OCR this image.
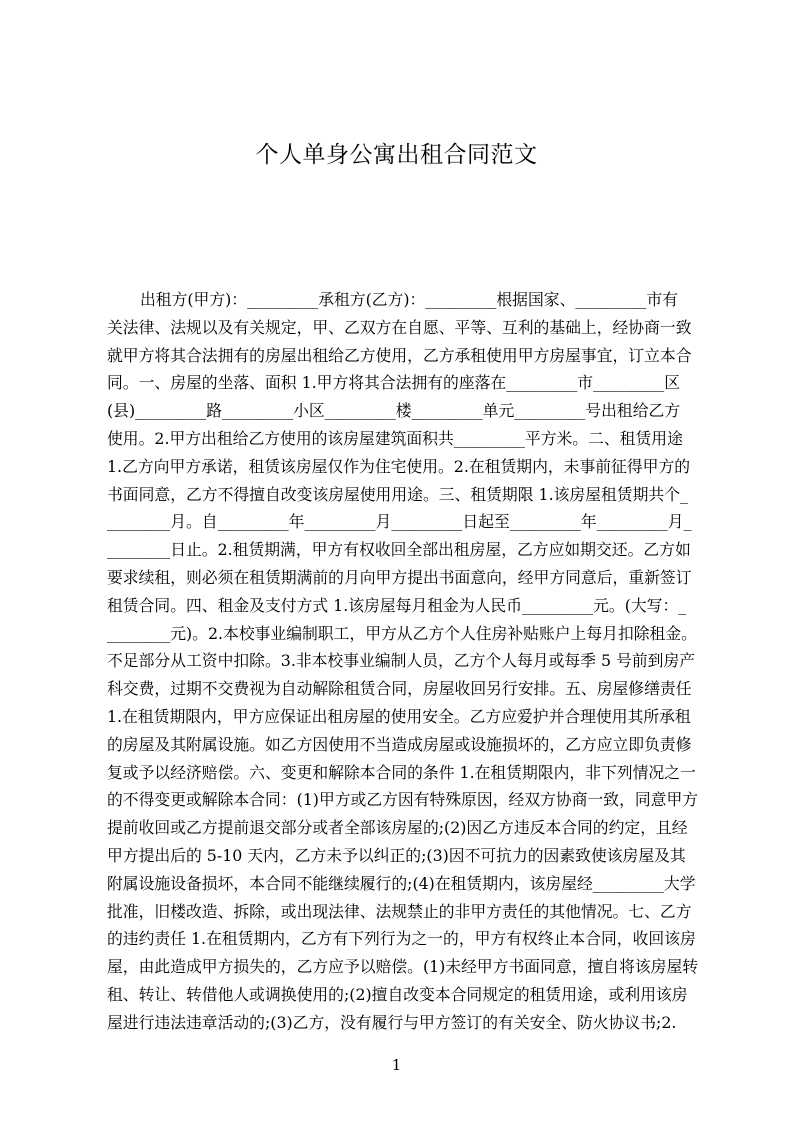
个人单身公寓出租合同范文
出租方(甲方)：_________承租方(乙方)：_________根据国家、_________市有
关法律、法规以及有关规定，甲、乙双方在自愿、平等、互利的基础上，经协商一致
就甲方将其合法拥有的房屋出租给乙方使用，乙方承租使用甲方房屋事宜，订立本合
同。一、房屋的坐落、面积 1.甲方将其合法拥有的座落在_________市_________区
(县)_________路_________小区_________楼_________单元_________号出租给乙方
使用。2.甲方出租给乙方使用的该房屋建筑面积共_________平方米。二、租赁用途
1.乙方向甲方承诺，租赁该房屋仅作为住宅使用。2.在租赁期内，未事前征得甲方的
书面同意，乙方不得擅自改变该房屋使用用途。三、租赁期限 1.该房屋租赁期共个_
________月。自_________年_________月_________日起至_________年_________月_
________日止。2.租赁期满，甲方有权收回全部出租房屋，乙方应如期交还。乙方如
要求续租，则必须在租赁期满前的月向甲方提出书面意向，经甲方同意后，重新签订
租赁合同。四、租金及支付方式 1.该房屋每月租金为人民币_________元。(大写：_
________元)。2.本校事业编制职工，甲方从乙方个人住房补贴账户上每月扣除租金。
不足部分从工资中扣除。3.非本校事业编制人员，乙方个人每月或每季 5 号前到房产
科交费，过期不交费视为自动解除租赁合同，房屋收回另行安排。五、房屋修缮责任
1.在租赁期限内，甲方应保证出租房屋的使用安全。乙方应爱护并合理使用其所承租
的房屋及其附属设施。如乙方因使用不当造成房屋或设施损坏的，乙方应立即负责修
复或予以经济赔偿。六、变更和解除本合同的条件 1.在租赁期限内，非下列情况之一
的不得变更或解除本合同：(1)甲方或乙方因有特殊原因，经双方协商一致，同意甲方
提前收回或乙方提前退交部分或者全部该房屋的;(2)因乙方违反本合同的约定，且经
甲方提出后的 5-10 天内，乙方未予以纠正的;(3)因不可抗力的因素致使该房屋及其
附属设施设备损坏，本合同不能继续履行的;(4)在租赁期内，该房屋经_________大学
批准，旧楼改造、拆除，或出现法律、法规禁止的非甲方责任的其他情况。七、乙方
的违约责任 1.在租赁期内，乙方有下列行为之一的，甲方有权终止本合同，收回该房
屋，由此造成甲方损失的，乙方应予以赔偿。(1)未经甲方书面同意，擅自将该房屋转
租、转让、转借他人或调换使用的;(2)擅自改变本合同规定的租赁用途，或利用该房
屋进行违法违章活动的;(3)乙方，没有履行与甲方签订的有关安全、防火协议书;2.
1
